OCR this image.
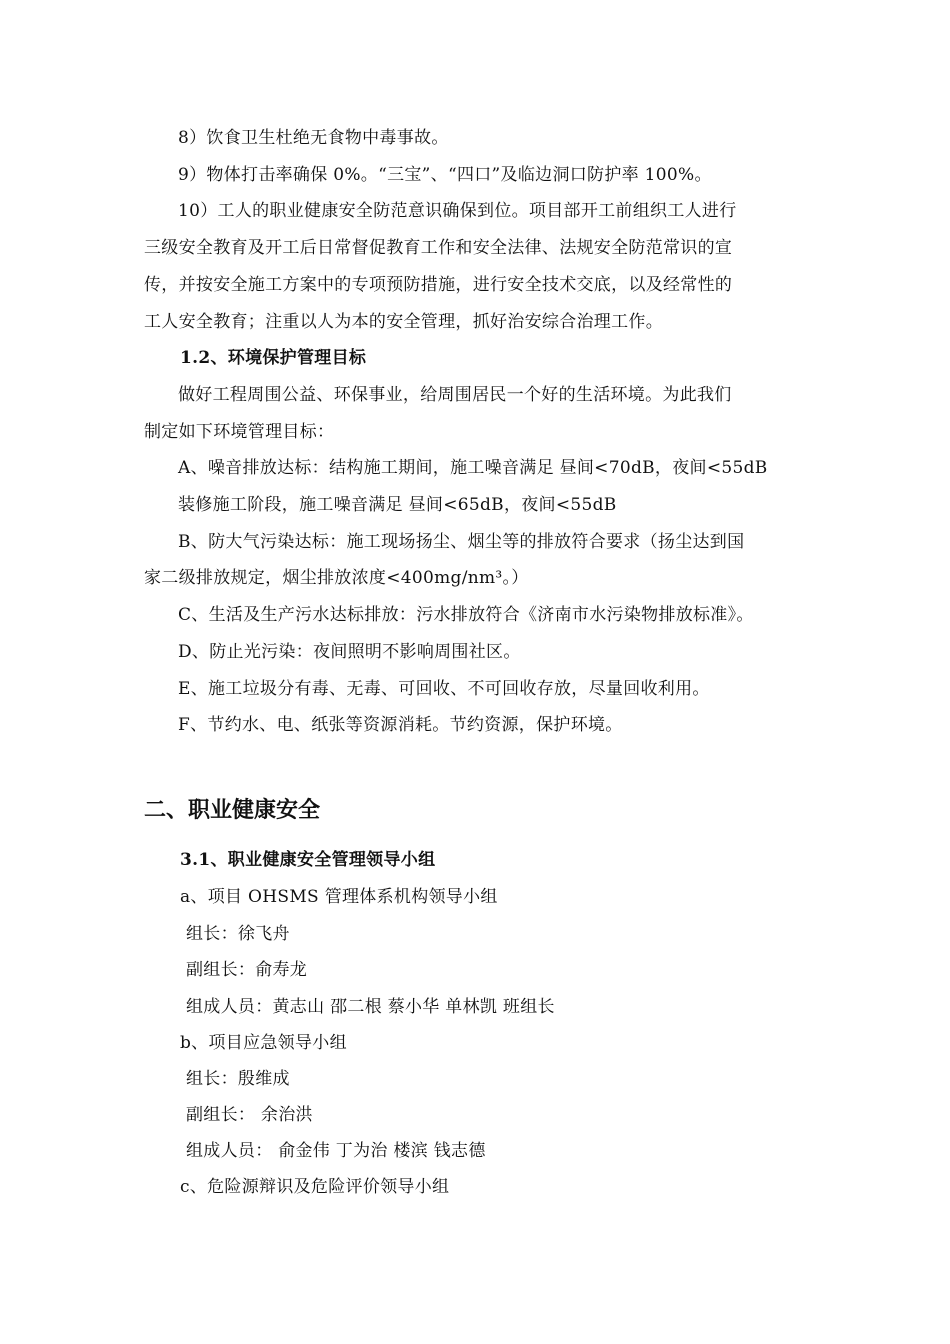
8）饮食卫生杜绝无食物中毒事故。
9）物体打击率确保 0%。“三宝”、“四口”及临边洞口防护率 100%。
10）工人的职业健康安全防范意识确保到位。项目部开工前组织工人进行
三级安全教育及开工后日常督促教育工作和安全法律、法规安全防范常识的宣
传，并按安全施工方案中的专项预防措施，进行安全技术交底，以及经常性的
工人安全教育；注重以人为本的安全管理，抓好治安综合治理工作。
1.2、环境保护管理目标
做好工程周围公益、环保事业，给周围居民一个好的生活环境。为此我们
制定如下环境管理目标：
A、噪音排放达标：结构施工期间，施工噪音满足 昼间<70dB，夜间<55dB
装修施工阶段，施工噪音满足 昼间<65dB，夜间<55dB
B、防大气污染达标：施工现场扬尘、烟尘等的排放符合要求（扬尘达到国
家二级排放规定，烟尘排放浓度<400mg/nm³。）
C、生活及生产污水达标排放：污水排放符合《济南市水污染物排放标准》。
D、防止光污染：夜间照明不影响周围社区。
E、施工垃圾分有毒、无毒、可回收、不可回收存放，尽量回收利用。
F、节约水、电、纸张等资源消耗。节约资源，保护环境。
二、职业健康安全
3.1、职业健康安全管理领导小组
a、项目 OHSMS 管理体系机构领导小组
组长：徐飞舟
副组长：俞寿龙
组成人员：黄志山 邵二根 蔡小华 单林凯 班组长
b、项目应急领导小组
组长：殷维成
副组长： 余治洪
组成人员： 俞金伟 丁为治 楼滨 钱志德
c、危险源辩识及危险评价领导小组
